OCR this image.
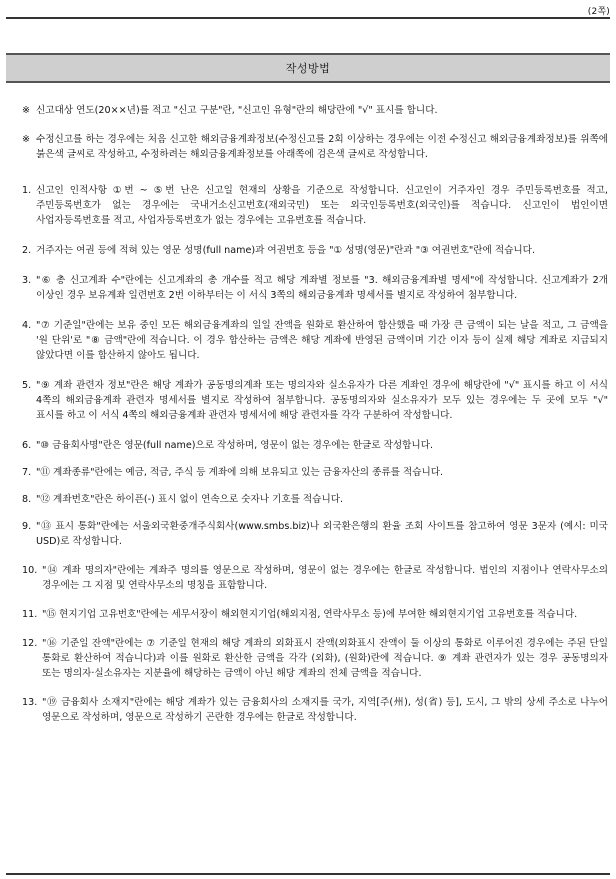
(2쪽)
작성방법
※ 신고대상 연도(20××년)를 적고 "신고 구분"란, "신고인 유형"란의 해당란에 "√" 표시를 합니다.
※ 수정신고를 하는 경우에는 처음 신고한 해외금융계좌정보(수정신고를 2회 이상하는 경우에는 이전 수정신고 해외금융계좌정보)를 위쪽에 붉은색 글씨로 작성하고, 수정하려는 해외금융계좌정보를 아래쪽에 검은색 글씨로 작성합니다.
1. 신고인 인적사항 ①번 ~ ⑤번 난은 신고일 현재의 상황을 기준으로 작성합니다. 신고인이 거주자인 경우 주민등록번호를 적고, 주민등록번호가 없는 경우에는 국내거소신고번호(재외국민) 또는 외국인등록번호(외국인)를 적습니다. 신고인이 법인이면 사업자등록번호를 적고, 사업자등록번호가 없는 경우에는 고유번호를 적습니다.
2. 거주자는 여권 등에 적혀 있는 영문 성명(full name)과 여권번호 등을 "① 성명(영문)"란과 "③ 여권번호"란에 적습니다.
3. "⑥ 총 신고계좌 수"란에는 신고계좌의 총 개수를 적고 해당 계좌별 정보를 "3. 해외금융계좌별 명세"에 작성합니다. 신고계좌가 2개 이상인 경우 보유계좌 일련번호 2번 이하부터는 이 서식 3쪽의 해외금융계좌 명세서를 별지로 작성하여 첨부합니다.
4. "⑦ 기준일"란에는 보유 중인 모든 해외금융계좌의 일일 잔액을 원화로 환산하여 합산했을 때 가장 큰 금액이 되는 날을 적고, 그 금액을 '원 단위'로 "⑧ 금액"란에 적습니다. 이 경우 합산하는 금액은 해당 계좌에 반영된 금액이며 기간 이자 등이 실제 해당 계좌로 지급되지 않았다면 이를 합산하지 않아도 됩니다.
5. "⑨ 계좌 관련자 정보"란은 해당 계좌가 공동명의계좌 또는 명의자와 실소유자가 다른 계좌인 경우에 해당란에 "√" 표시를 하고 이 서식 4쪽의 해외금융계좌 관련자 명세서를 별지로 작성하여 첨부합니다. 공동명의자와 실소유자가 모두 있는 경우에는 두 곳에 모두 "√" 표시를 하고 이 서식 4쪽의 해외금융계좌 관련자 명세서에 해당 관련자를 각각 구분하여 작성합니다.
6. "⑩ 금융회사명"란은 영문(full name)으로 작성하며, 영문이 없는 경우에는 한글로 작성합니다.
7. "⑪ 계좌종류"란에는 예금, 적금, 주식 등 계좌에 의해 보유되고 있는 금융자산의 종류를 적습니다.
8. "⑫ 계좌번호"란은 하이픈(-) 표시 없이 연속으로 숫자나 기호를 적습니다.
9. "⑬ 표시 통화"란에는 서울외국환중개주식회사(www.smbs.biz)나 외국환은행의 환율 조회 사이트를 참고하여 영문 3문자 (예시: 미국 USD)로 작성합니다.
10. "⑭ 계좌 명의자"란에는 계좌주 명의를 영문으로 작성하며, 영문이 없는 경우에는 한글로 작성합니다. 법인의 지점이나 연락사무소의 경우에는 그 지점 및 연락사무소의 명칭을 표함합니다.
11. "⑮ 현지기업 고유번호"란에는 세무서장이 해외현지기업(해외지점, 연락사무소 등)에 부여한 해외현지기업 고유번호를 적습니다.
12. "⑯ 기준일 잔액"란에는 ⑦ 기준일 현재의 해당 계좌의 외화표시 잔액(외화표시 잔액이 둘 이상의 통화로 이루어진 경우에는 주된 단일 통화로 환산하여 적습니다)과 이를 원화로 환산한 금액을 각각 (외화), (원화)란에 적습니다. ⑨ 계좌 관련자가 있는 경우 공동명의자 또는 명의자·실소유자는 지분율에 해당하는 금액이 아닌 해당 계좌의 전체 금액을 적습니다.
13. "⑲ 금융회사 소재지"란에는 해당 계좌가 있는 금융회사의 소재지를 국가, 지역[주(州), 성(省) 등], 도시, 그 밖의 상세 주소로 나누어 영문으로 작성하며, 영문으로 작성하기 곤란한 경우에는 한글로 작성합니다.
